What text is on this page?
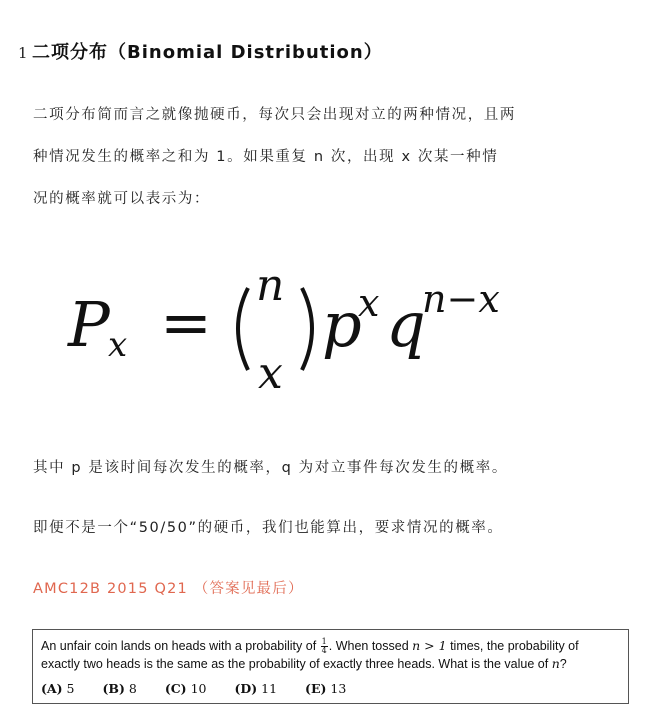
1 二项分布（Binomial Distribution）
二项分布简而言之就像抛硬币，每次只会出现对立的两种情况，且两
种情况发生的概率之和为 1。如果重复 n 次，出现 x 次某一种情
况的概率就可以表示为：
P
x =
n
x
p
x q
n−x
其中 p 是该时间每次发生的概率，q 为对立事件每次发生的概率。
即便不是一个“50/50”的硬币，我们也能算出，要求情况的概率。
AMC12B 2015 Q21 （答案见最后）
An unfair coin lands on heads with a probability of $\frac{1}{4}$ . When tossed n > 1 times, the probability of exactly two heads is the same as the probability of exactly three heads. What is the value of n?
(A) 5 (B) 8 (C) 10 (D) 11 (E) 13
